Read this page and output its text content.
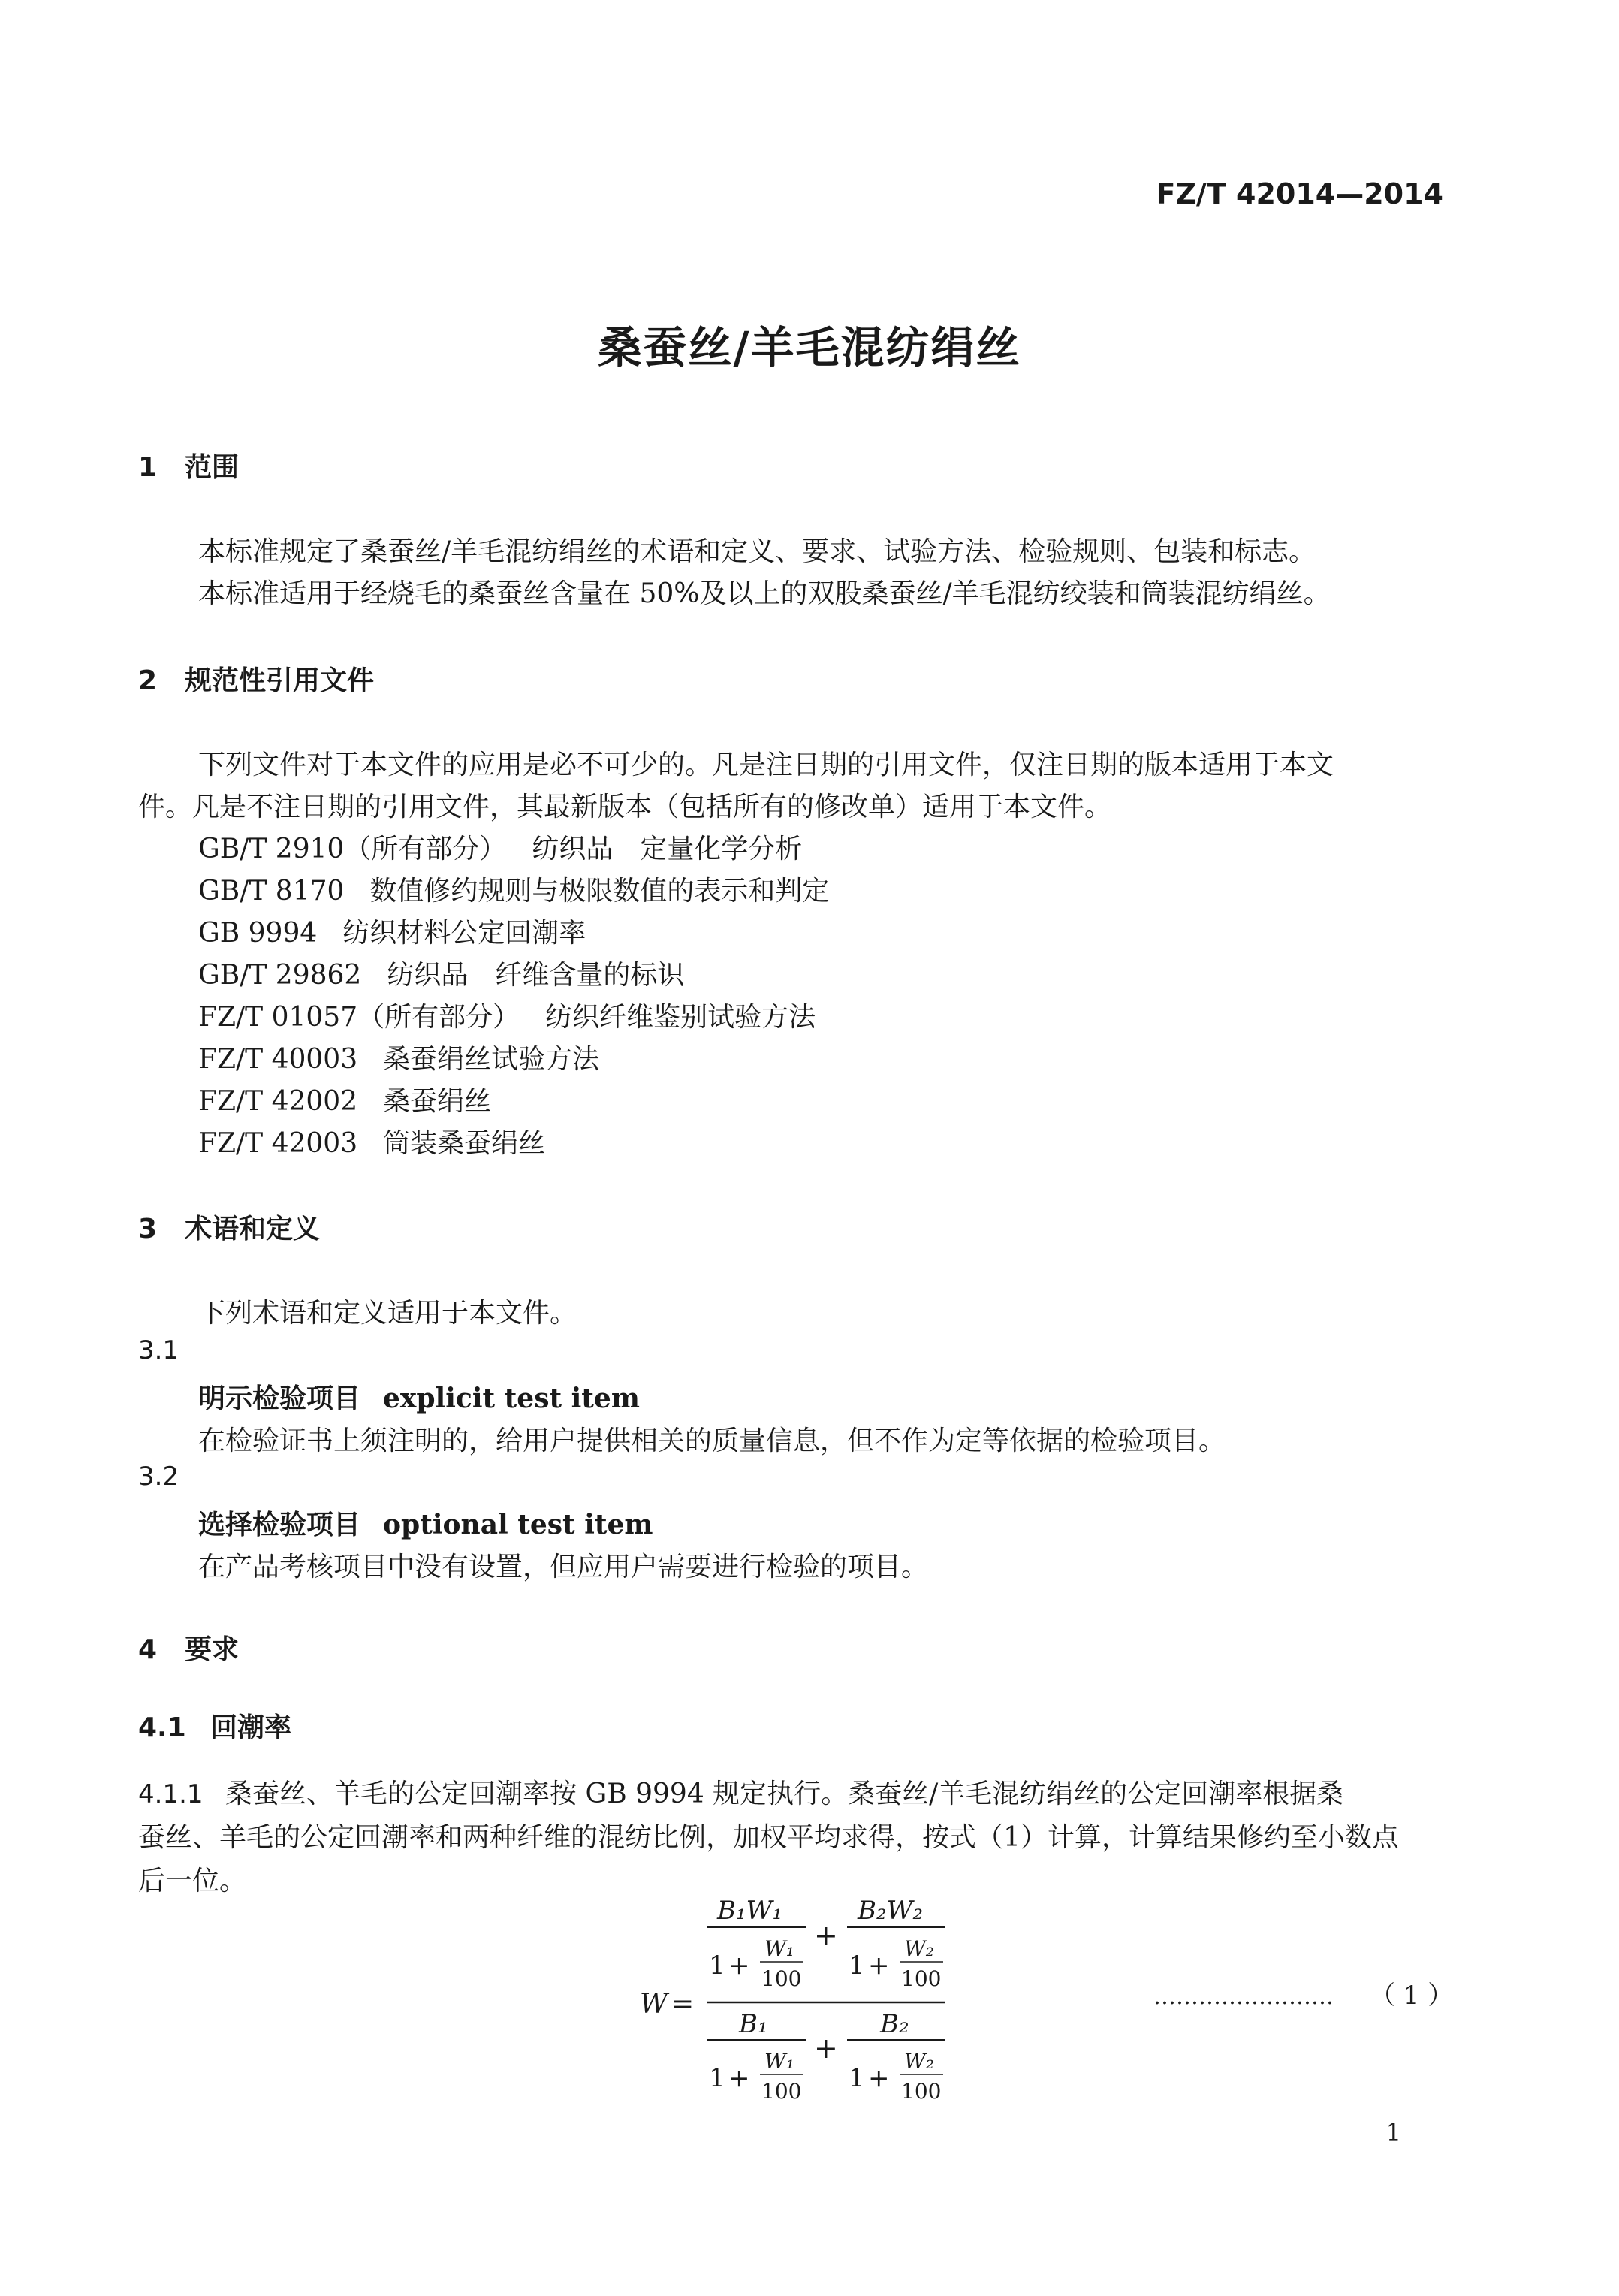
FZ/T 42014—2014
桑蚕丝/羊毛混纺绢丝
1 范围
本标准规定了桑蚕丝/羊毛混纺绢丝的术语和定义、要求、试验方法、检验规则、包装和标志。
本标准适用于经烧毛的桑蚕丝含量在 50%及以上的双股桑蚕丝/羊毛混纺绞装和筒装混纺绢丝。
2 规范性引用文件
下列文件对于本文件的应用是必不可少的。凡是注日期的引用文件，仅注日期的版本适用于本文
件。凡是不注日期的引用文件，其最新版本（包括所有的修改单）适用于本文件。
GB/T 2910（所有部分） 纺织品　定量化学分析
GB/T 8170 数值修约规则与极限数值的表示和判定
GB 9994 纺织材料公定回潮率
GB/T 29862 纺织品　纤维含量的标识
FZ/T 01057（所有部分） 纺织纤维鉴别试验方法
FZ/T 40003 桑蚕绢丝试验方法
FZ/T 42002 桑蚕绢丝
FZ/T 42003 筒装桑蚕绢丝
3 术语和定义
下列术语和定义适用于本文件。
3.1
明示检验项目 explicit test item
在检验证书上须注明的，给用户提供相关的质量信息，但不作为定等依据的检验项目。
3.2
选择检验项目 optional test item
在产品考核项目中没有设置，但应用户需要进行检验的项目。
4 要求
4.1 回潮率
4.1.1 桑蚕丝、羊毛的公定回潮率按 GB 9994 规定执行。桑蚕丝/羊毛混纺绢丝的公定回潮率根据桑
蚕丝、羊毛的公定回潮率和两种纤维的混纺比例，加权平均求得，按式（1）计算，计算结果修约至小数点
后一位。
W =
B₁W₁
1 +
W₁
100
+
B₂W₂
1 +
W₂
100
B₁
1 +
W₁
100
+
B₂
1 +
W₂
100
…………………… （ 1 ）
1
